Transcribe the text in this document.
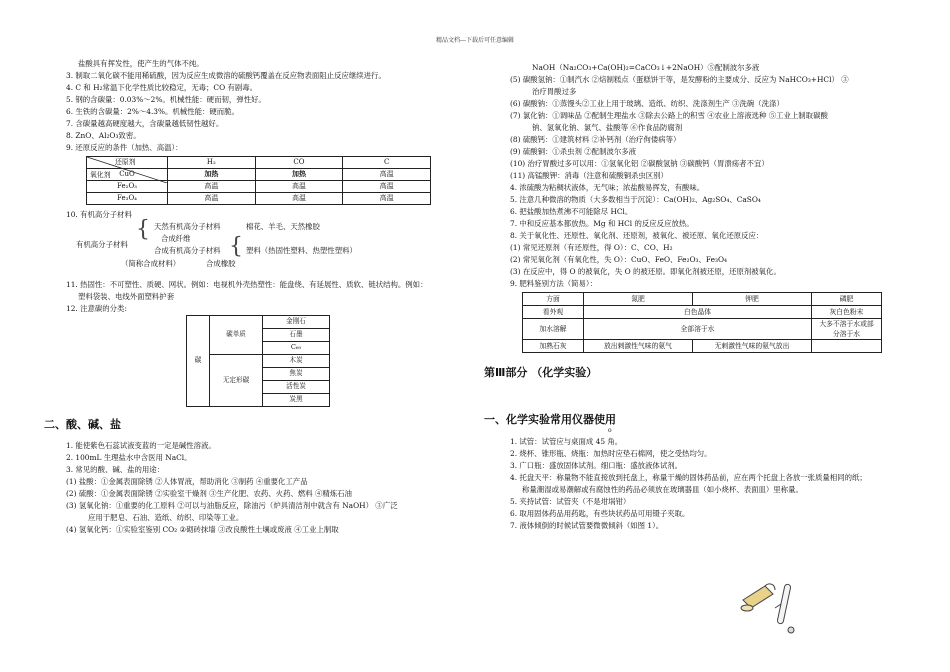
精品文档---下载后可任意编辑
盐酸具有挥发性，使产生的气体不纯。
3. 制取二氧化碳不能用稀硫酸，因为反应生成微溶的硫酸钙覆盖在反应物表面阻止反应继续进行。
4. C 和 H₂常温下化学性质比较稳定，无毒；CO 有剧毒。
5. 钢的含碳量：0.03%～2%。机械性能：硬而韧，弹性好。
6. 生铁的含碳量：2%～4.3%。机械性能：硬而脆。
7. 含碳量越高硬度越大，含碳量越低韧性越好。
8. ZnO、Al₂O₃致密。
9. 还原反应的条件（加热、高温）：
还原剂
氧化剂	H₂	CO	C
CuO	加热	加热	高温
Fe₂O₃	高温	高温	高温
Fe₃O₄	高温	高温	高温
10. 有机高分子材料
有机高分子材料
{ 天然有机高分子材料	棉花、羊毛、天然橡胶
合成纤维
合成有机高分子材料 { 塑料（热固性塑料、热塑性塑料）
（简称合成材料）	合成橡胶
11. 热固性：不可塑性、质硬、网状。例如：电视机外壳热塑性：能盘绕、有延展性、质软、链状结构。例如：
塑料袋装、电线外面塑料护套
12. 注意碳的分类:
碳	碳单质	金刚石
		石墨
		C₆₀
	无定形碳	木炭
		焦炭
		活性炭
		炭黑
二、酸、碱、盐
1. 能使紫色石蕊试液变蓝的一定是碱性溶液。
2. 100mL 生理盐水中含医用 NaCl。
3. 常见的酸、碱、盐的用途：
(1) 盐酸：①金属表面除锈 ②人体胃液，帮助消化 ③制药 ④重要化工产品
(2) 硫酸：①金属表面除锈 ②实验室干燥剂 ③生产化肥、农药、火药、燃料 ④精炼石油
(3) 氢氧化钠：①重要的化工原料 ②可以与油脂反应，除油污（炉具清洁剂中就含有 NaOH） ③广泛
应用于肥皂、石油、造纸、纺织、印染等工业。
(4) 氢氧化钙：①实验室鉴别 CO₂ ②砌砖抹墙 ③改良酸性土壤或废液 ④工业上制取
NaOH（Na₂CO₃+Ca(OH)₂=CaCO₃↓+2NaOH）⑤配制波尔多液
(5) 碳酸氢钠：①制汽水 ②焙制糕点（蛋糕饼干等，是发酵粉的主要成分、反应为 NaHCO₃+HCl） ③
治疗胃酸过多
(6) 碳酸钠：①蒸馒头②工业上用于玻璃、造纸、纺织、洗涤剂生产 ③洗碗（洗涤）
(7) 氯化钠：①调味品 ②配制生理盐水 ③除去公路上的积雪 ④农业上溶液选种 ⑤工业上制取碳酸
钠、氢氧化钠、氯气、盐酸等 ⑥作食品防腐剂
(8) 硫酸钙：①建筑材料 ②补钙剂（治疗佝偻病等）
(9) 硫酸铜：①杀虫剂 ②配制波尔多液
(10) 治疗胃酸过多可以用：①氢氧化铝 ②碳酸氢钠 ③碳酸钙（胃溃疡者不宜）
(11) 高锰酸钾：消毒（注意和硫酸铜杀虫区别）
4. 浓硫酸为粘稠状液体，无气味；浓盐酸易挥发，有酸味。
5. 注意几种微溶的物质（大多数相当于沉淀）：Ca(OH)₂、Ag₂SO₄、CaSO₄
6. 把盐酸加热煮沸不可能除尽 HCl。
7. 中和反应基本都放热。Mg 和 HCl 的反应反应放热。
8. 关于氧化性、还原性、氧化剂、还原剂，被氧化、被还原、氧化还原反应：
(1) 常见还原剂（有还原性，得 O）：C、CO、H₂
(2) 常见氧化剂（有氧化性，失 O）：CuO、FeO、Fe₂O₃、Fe₃O₄
(3) 在反应中，得 O 的被氧化，失 O 的被还原。即氧化剂被还原，还原剂被氧化。
9. 肥料鉴别方法（简易）：
方面	氮肥	钾肥	磷肥
看外观	白色晶体		灰白色粉末
加水溶解	全部溶于水		大多不溶于水或部分溶于水
加熟石灰	放出刺激性气味的氨气	无刺激性气味的氨气放出	
第Ⅲ部分 （化学实验）
一、化学实验常用仪器使用
o
1. 试管：试管应与桌面成 45 角。
2. 烧杯、锥形瓶、烧瓶：加热时应垫石棉网，使之受热均匀。
3. 广口瓶：盛放固体试剂。细口瓶：盛放液体试剂。
4. 托盘天平：称量物不能直接放到托盘上，称量干燥的固体药品前，应在两个托盘上各放一张质量相同的纸；
称量潮湿或易潮解或有腐蚀性的药品必须放在玻璃器皿（如小烧杯、表面皿）里称量。
5. 夹持试管：试管夹（不是坩埚钳）
6. 取用固体药品用药匙，有些块状药品可用镊子夹取。
7. 液体倾倒的时候试管要微微倾斜（如图 1）。
